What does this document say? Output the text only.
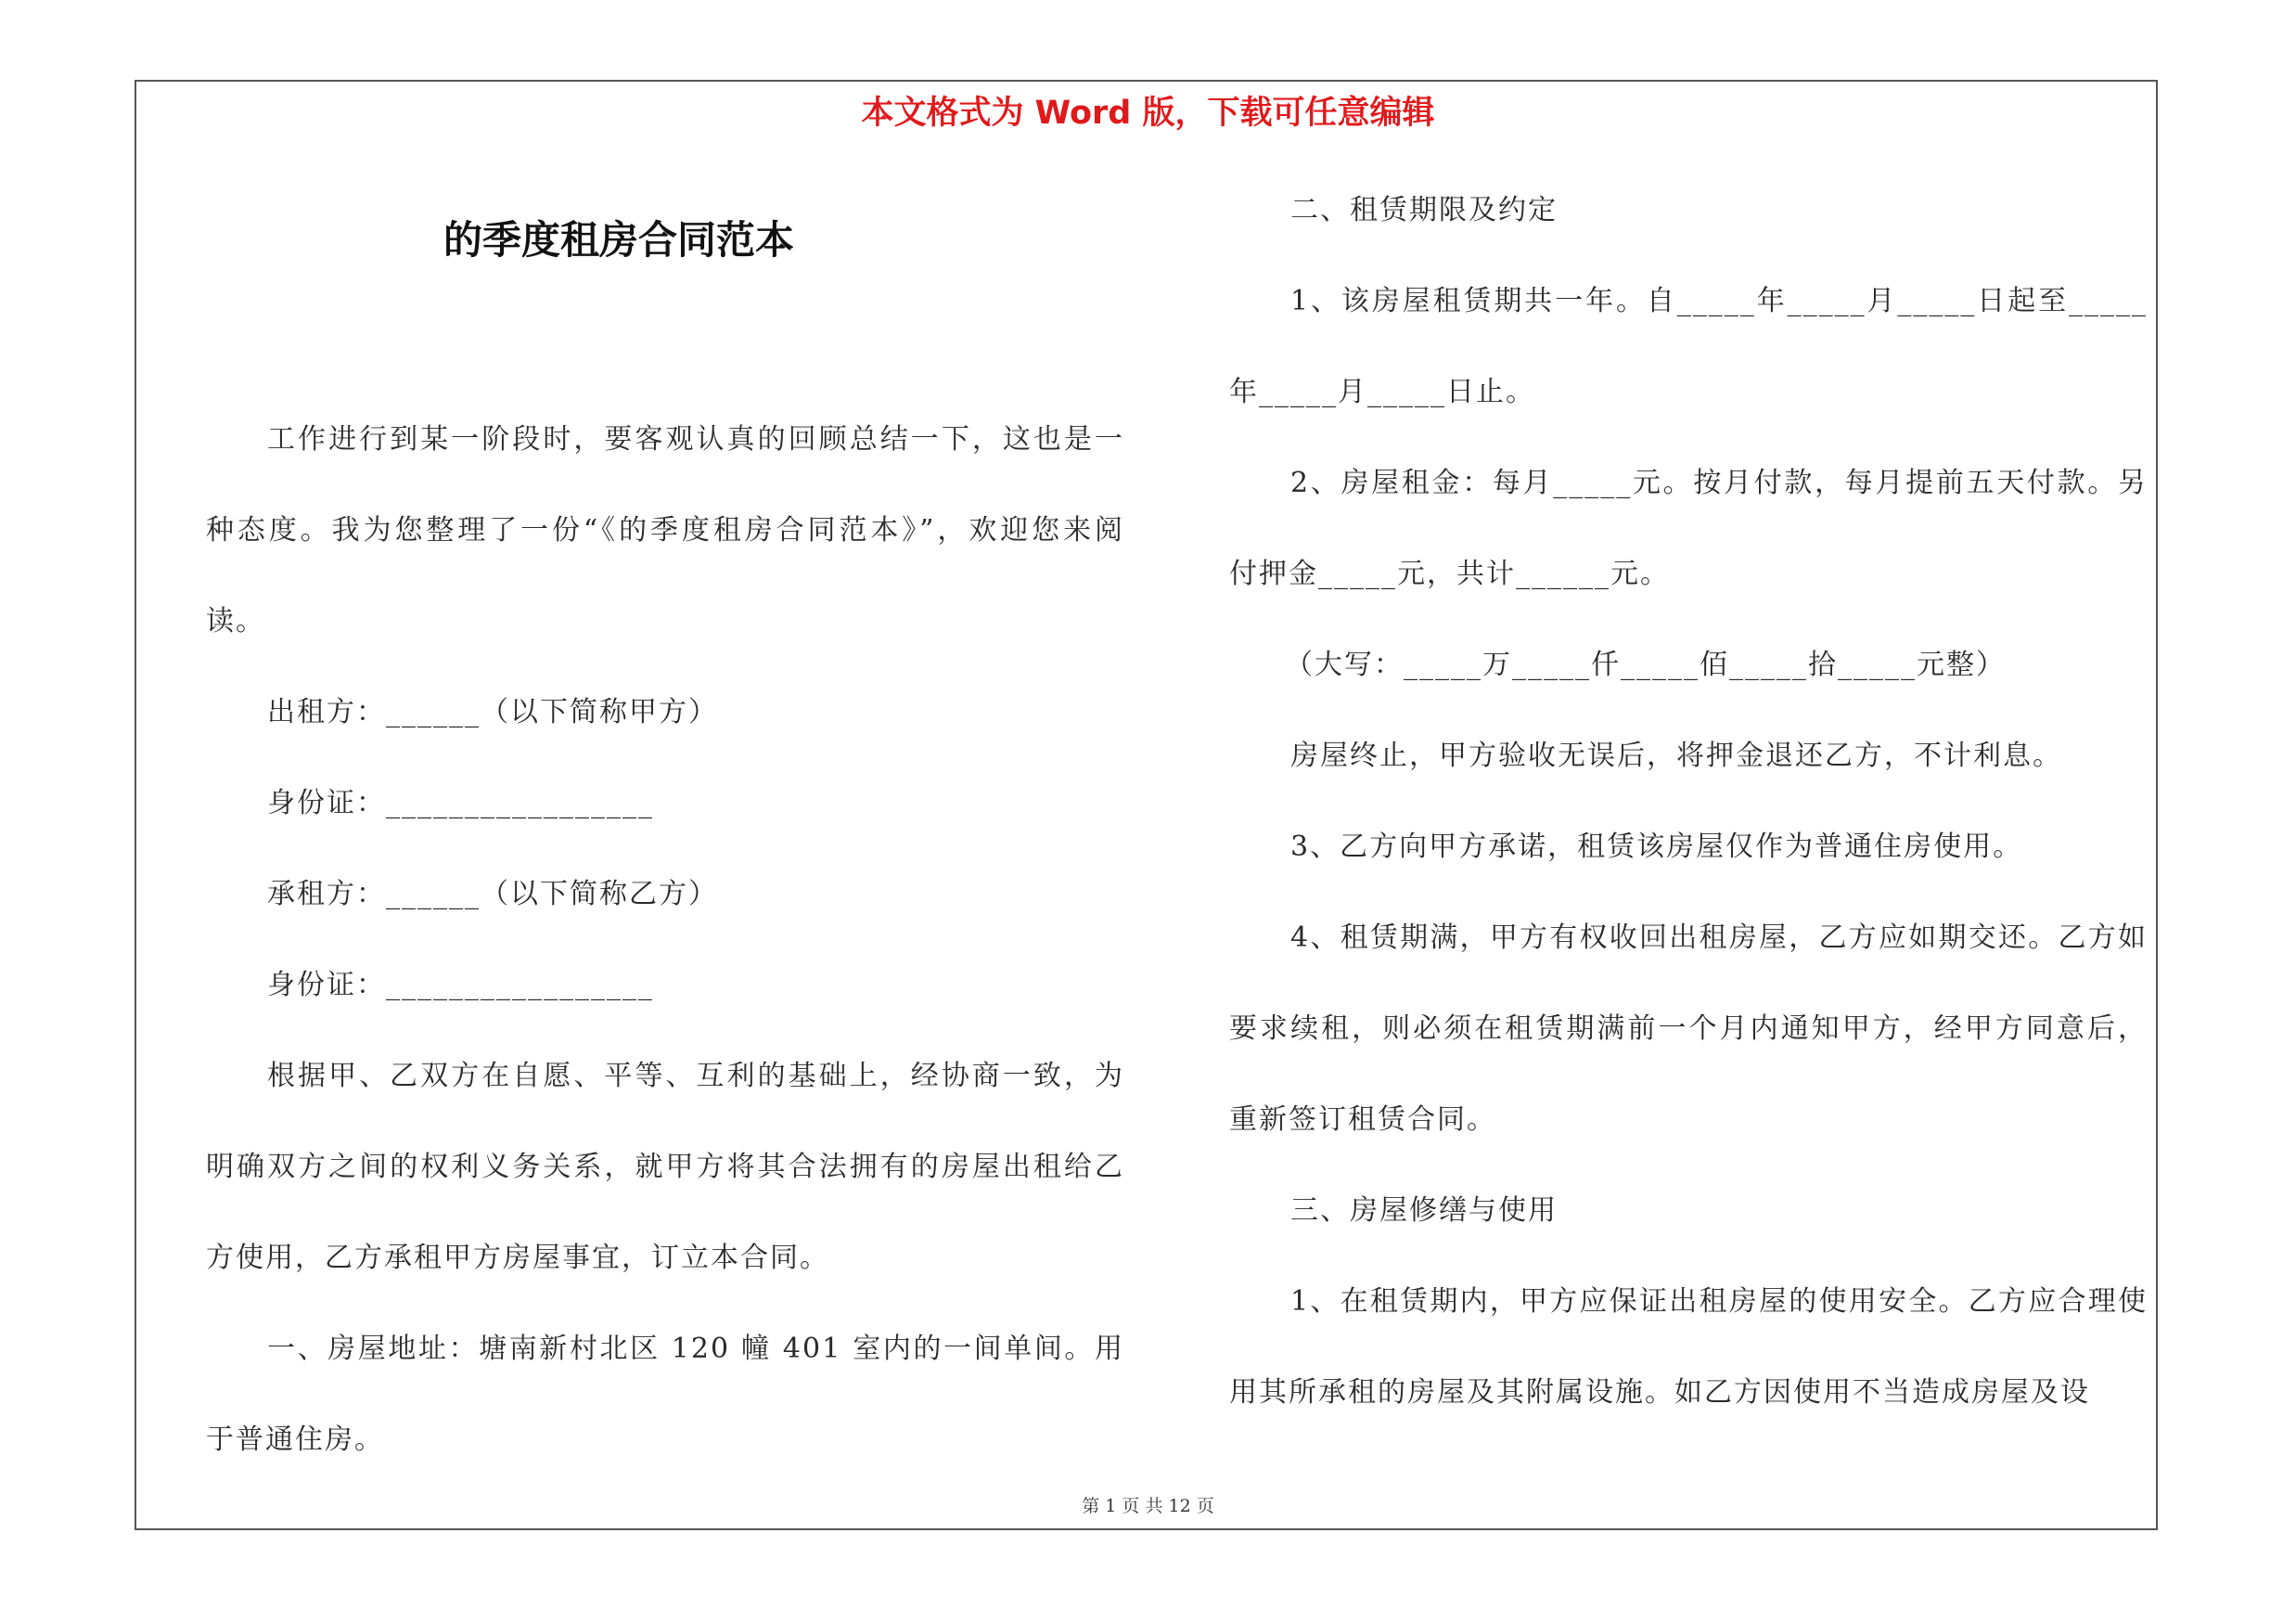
本文格式为 Word 版，下载可任意编辑
的季度租房合同范本

工作进行到某一阶段时，要客观认真的回顾总结一下，这也是一种态度。我为您整理了一份“《的季度租房合同范本》”，欢迎您来阅读。

出租方：______（以下简称甲方）

身份证：_________________

承租方：______（以下简称乙方）

身份证：_________________

根据甲、乙双方在自愿、平等、互利的基础上，经协商一致，为明确双方之间的权利义务关系，就甲方将其合法拥有的房屋出租给乙方使用，乙方承租甲方房屋事宜，订立本合同。

一、房屋地址：塘南新村北区 120 幢 401 室内的一间单间。用于普通住房。

二、租赁期限及约定

1、该房屋租赁期共一年。自_____年_____月_____日起至_____年_____月_____日止。

2、房屋租金：每月_____元。按月付款，每月提前五天付款。另付押金_____元，共计______元。

（大写：_____万_____仟_____佰_____拾_____元整）

房屋终止，甲方验收无误后，将押金退还乙方，不计利息。

3、乙方向甲方承诺，租赁该房屋仅作为普通住房使用。

4、租赁期满，甲方有权收回出租房屋，乙方应如期交还。乙方如要求续租，则必须在租赁期满前一个月内通知甲方，经甲方同意后，重新签订租赁合同。

三、房屋修缮与使用

1、在租赁期内，甲方应保证出租房屋的使用安全。乙方应合理使用其所承租的房屋及其附属设施。如乙方因使用不当造成房屋及设

第 1 页 共 12 页
